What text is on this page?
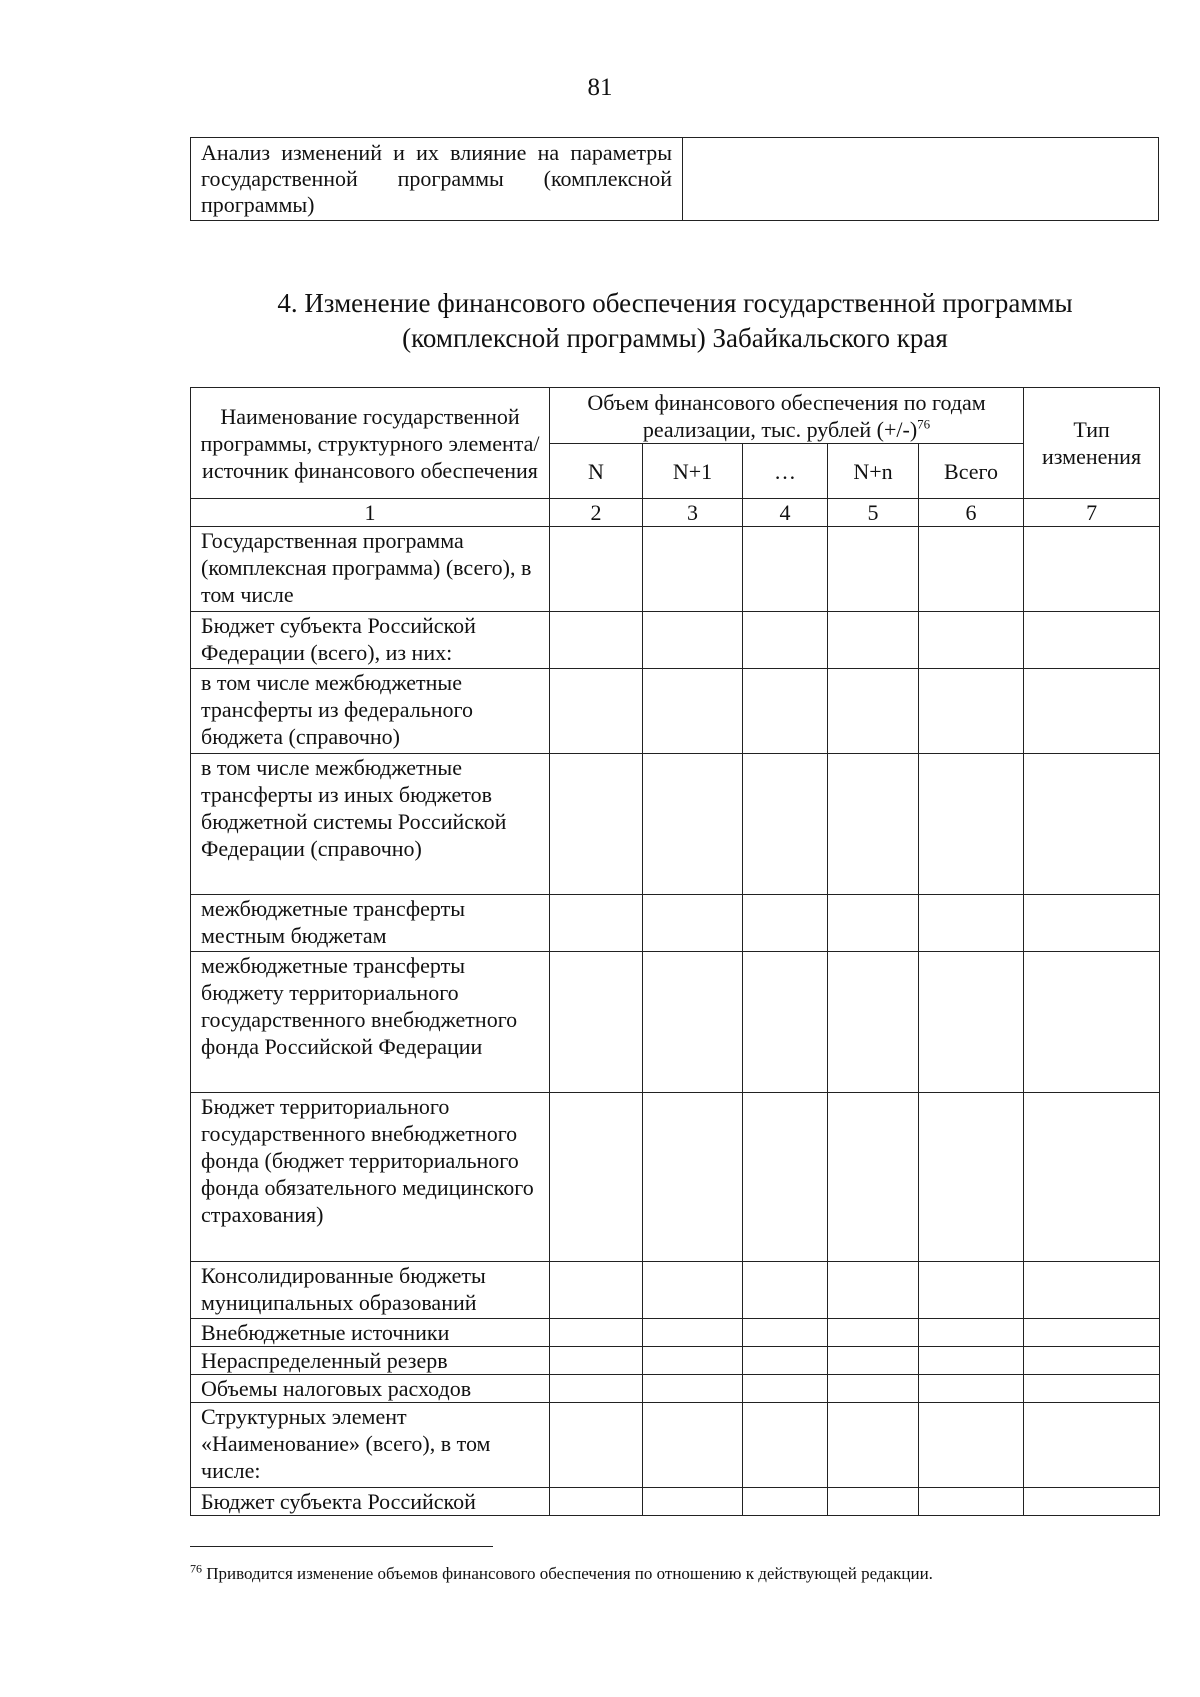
81
Анализ изменений и их влияние на параметры государственной программы (комплексной программы)	
4. Изменение финансового обеспечения государственной программы
(комплексной программы) Забайкальского края
Наименование государственной программы, структурного элемента/источник финансового обеспечения	Объем финансового обеспечения по годам реализации, тыс. рублей $(+/-)^{76}$					Тип изменения
	N	N+1	…	N+n	Всего	
1	2	3	4	5	6	7
Государственная программа (комплексная программа) (всего), в том числе						
Бюджет субъекта Российской Федерации (всего), из них:						
в том числе межбюджетные трансферты из федерального бюджета (справочно)						
в том числе межбюджетные трансферты из иных бюджетов бюджетной системы Российской Федерации (справочно)						
межбюджетные трансферты местным бюджетам						
межбюджетные трансферты бюджету территориального государственного внебюджетного фонда Российской Федерации						
Бюджет территориального государственного внебюджетного фонда (бюджет территориального фонда обязательного медицинского страхования)						
Консолидированные бюджеты муниципальных образований						
Внебюджетные источники						
Нераспределенный резерв						
Объемы налоговых расходов						
Структурных элемент «Наименование» (всего), в том числе:						
Бюджет субъекта Российской						
$^{76}$ Приводится изменение объемов финансового обеспечения по отношению к действующей редакции.
